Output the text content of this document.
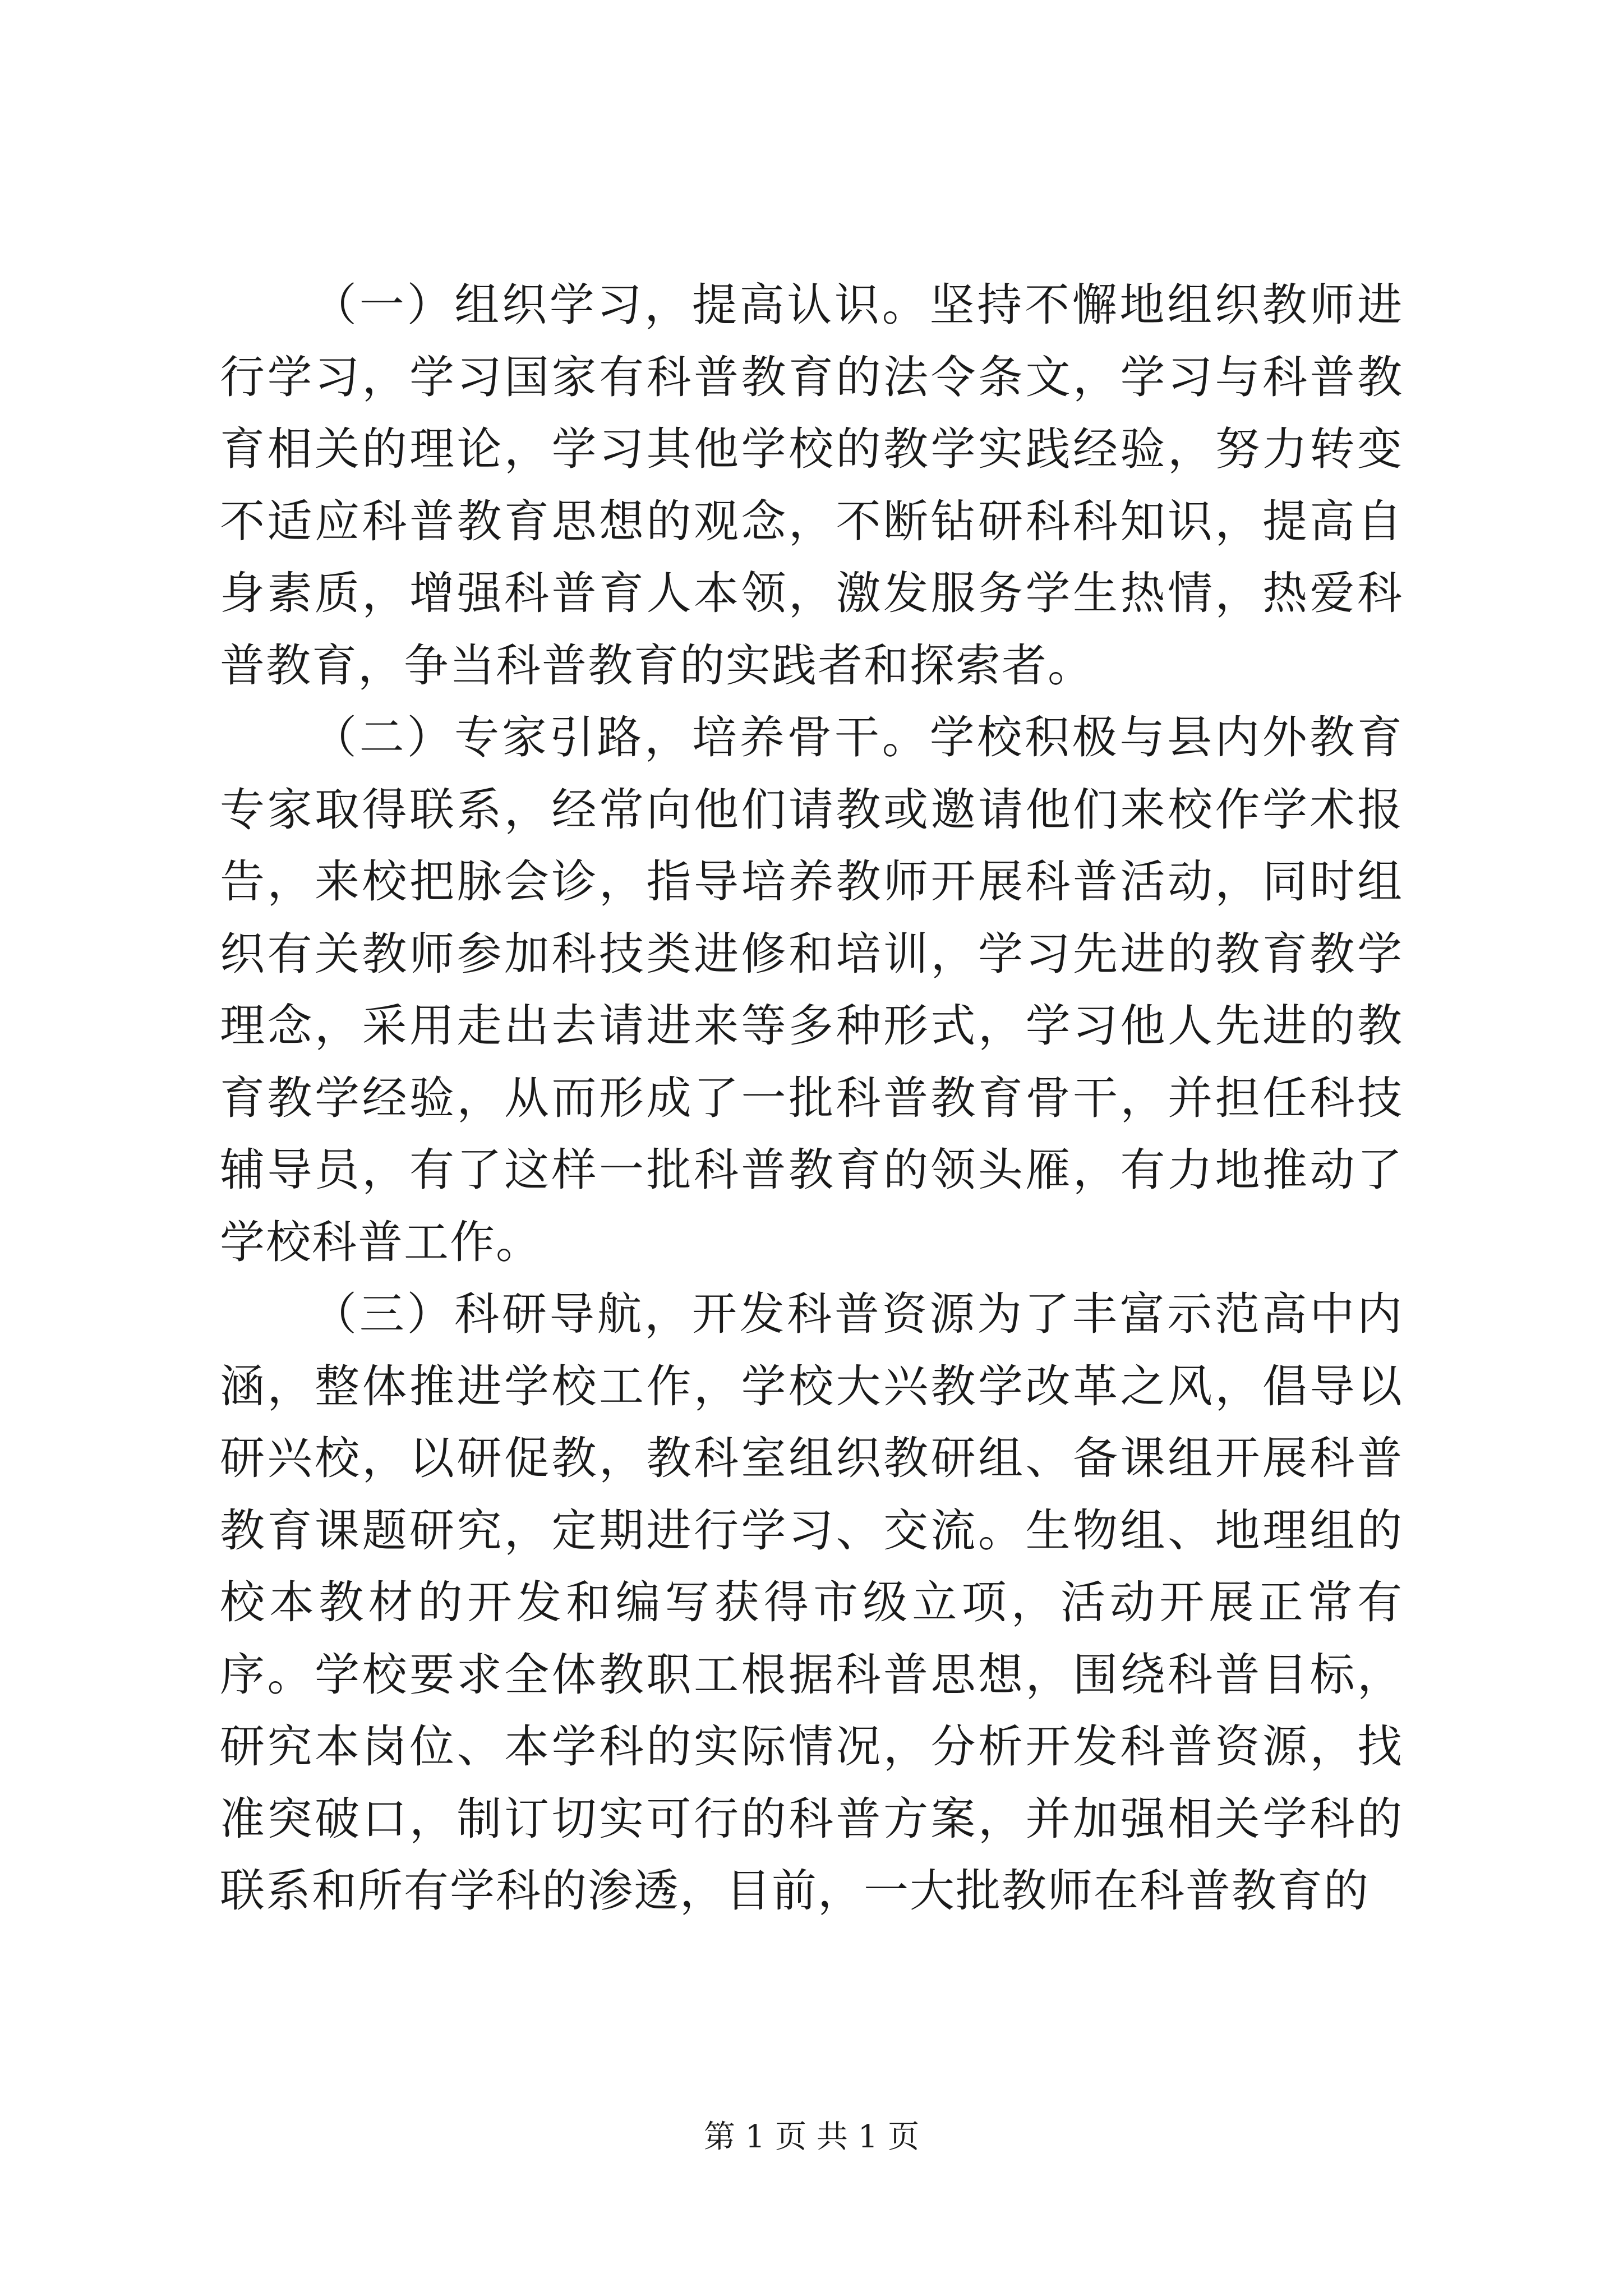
（一）组织学习，提高认识。坚持不懈地组织教师进行学习，学习国家有科普教育的法令条文，学习与科普教育相关的理论，学习其他学校的教学实践经验，努力转变不适应科普教育思想的观念，不断钻研科科知识，提高自身素质，增强科普育人本领，激发服务学生热情，热爱科普教育，争当科普教育的实践者和探索者。

（二）专家引路，培养骨干。学校积极与县内外教育专家取得联系，经常向他们请教或邀请他们来校作学术报告，来校把脉会诊，指导培养教师开展科普活动，同时组织有关教师参加科技类进修和培训，学习先进的教育教学理念，采用走出去请进来等多种形式，学习他人先进的教育教学经验，从而形成了一批科普教育骨干，并担任科技辅导员，有了这样一批科普教育的领头雁，有力地推动了学校科普工作。

（三）科研导航，开发科普资源为了丰富示范高中内涵，整体推进学校工作，学校大兴教学改革之风，倡导以研兴校，以研促教，教科室组织教研组、备课组开展科普教育课题研究，定期进行学习、交流。生物组、地理组的校本教材的开发和编写获得市级立项，活动开展正常有序。学校要求全体教职工根据科普思想，围绕科普目标，研究本岗位、本学科的实际情况，分析开发科普资源，找准突破口，制订切实可行的科普方案，并加强相关学科的联系和所有学科的渗透，目前，一大批教师在科普教育的

第 1 页 共 1 页
